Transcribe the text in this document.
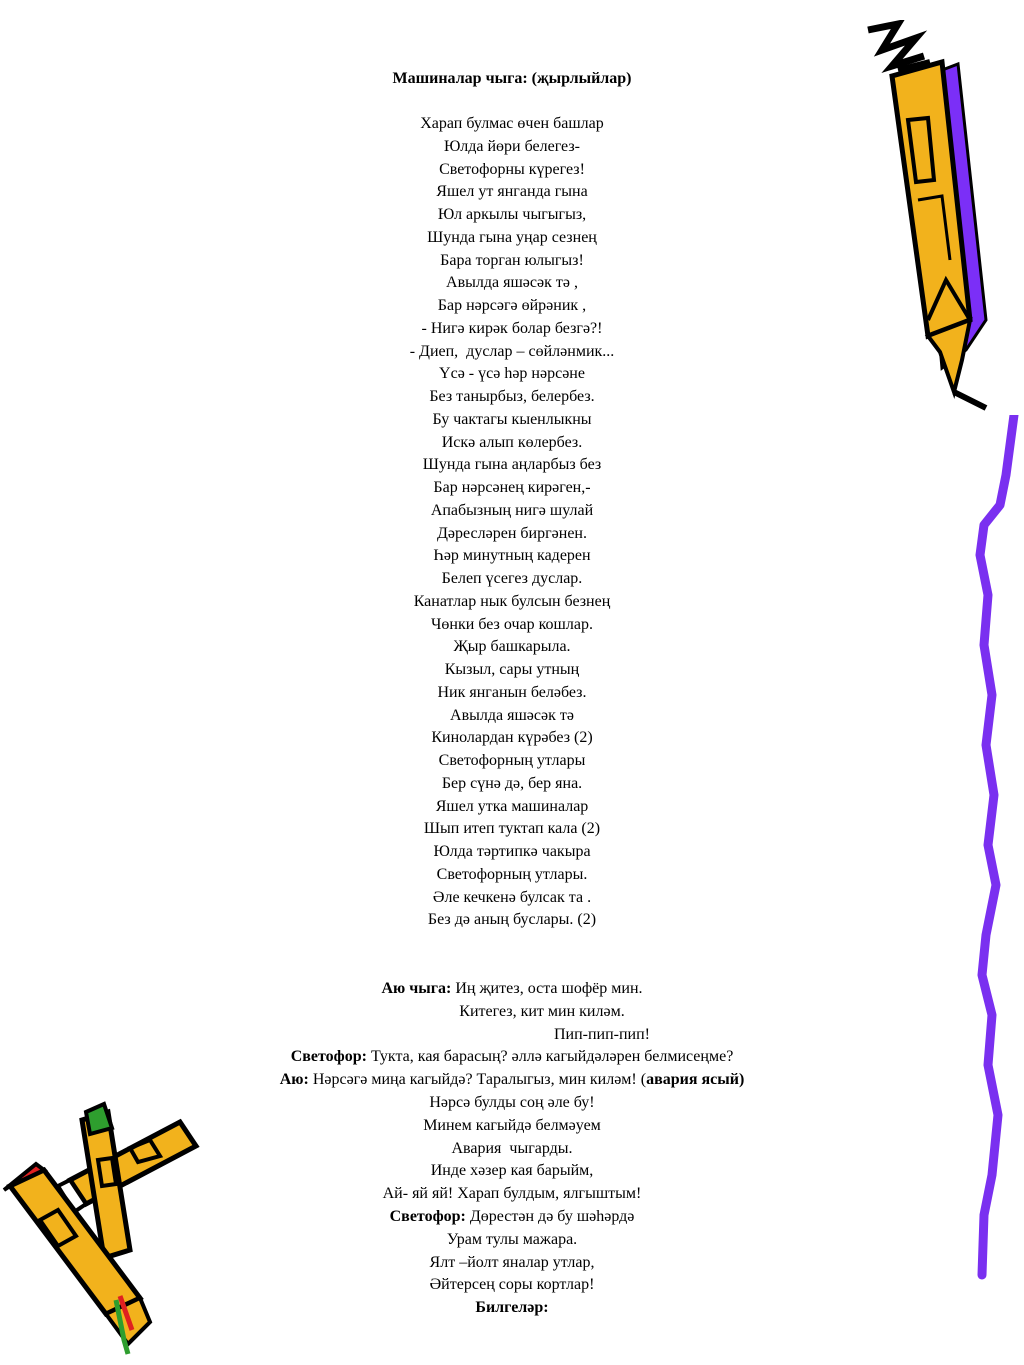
Машиналар чыга: (җырлыйлар)
Харап булмас өчен башлар
Юлда йөри белегез-
Светофорны күрегез!
Яшел ут янганда гына
Юл аркылы чыгыгыз,
Шунда гына уңар сезнең
Бара торган юлыгыз!
Авылда яшәсәк тә ,
Бар нәрсәгә өйрәник ,
- Нигә кирәк болар безгә?!
- Диеп,  дуслар – сөйләнмик...
Үсә - үсә һәр нәрсәне
Без танырбыз, белербез.
Бу чактагы кыенлыкны
Искә алып көлербез.
Шунда гына аңларбыз без
Бар нәрсәнең кирәген,-
Апабызның нигә шулай
Дәресләрен биргәнен.
Һәр минутның кадерен
Белеп үсегез дуслар.
Канатлар нык булсын безнең
Чөнки без очар кошлар.
Җыр башкарыла.
Кызыл, сары утның
Ник янганын беләбез.
Авылда яшәсәк тә
Кинолардан күрәбез (2)
Светофорның утлары
Бер сүнә дә, бер яна.
Яшел утка машиналар
Шып итеп туктап кала (2)
Юлда тәртипкә чакыра
Светофорның утлары.
Әле кечкенә булсак та .
Без дә аның буслары. (2)
Аю чыга: Иң җитез, оста шофёр мин.
Китегез, кит мин киләм.
Пип-пип-пип!
Светофор: Тукта, кая барасың? әллә кагыйдәләрен белмисеңме?
Аю: Нәрсәгә миңа кагыйдә? Таралыгыз, мин киләм! (авария ясый)
Нәрсә булды соң әле бу!
Минем кагыйдә белмәуем
Авария  чыгарды.
Инде хәзер кая барыйм,
Ай- яй яй! Харап булдым, ялгыштым!
Светофор: Дөрестән дә бу шәһәрдә
Урам тулы мажара.
Ялт –йолт яналар утлар,
Әйтерсең соры кортлар!
Билгеләр:
